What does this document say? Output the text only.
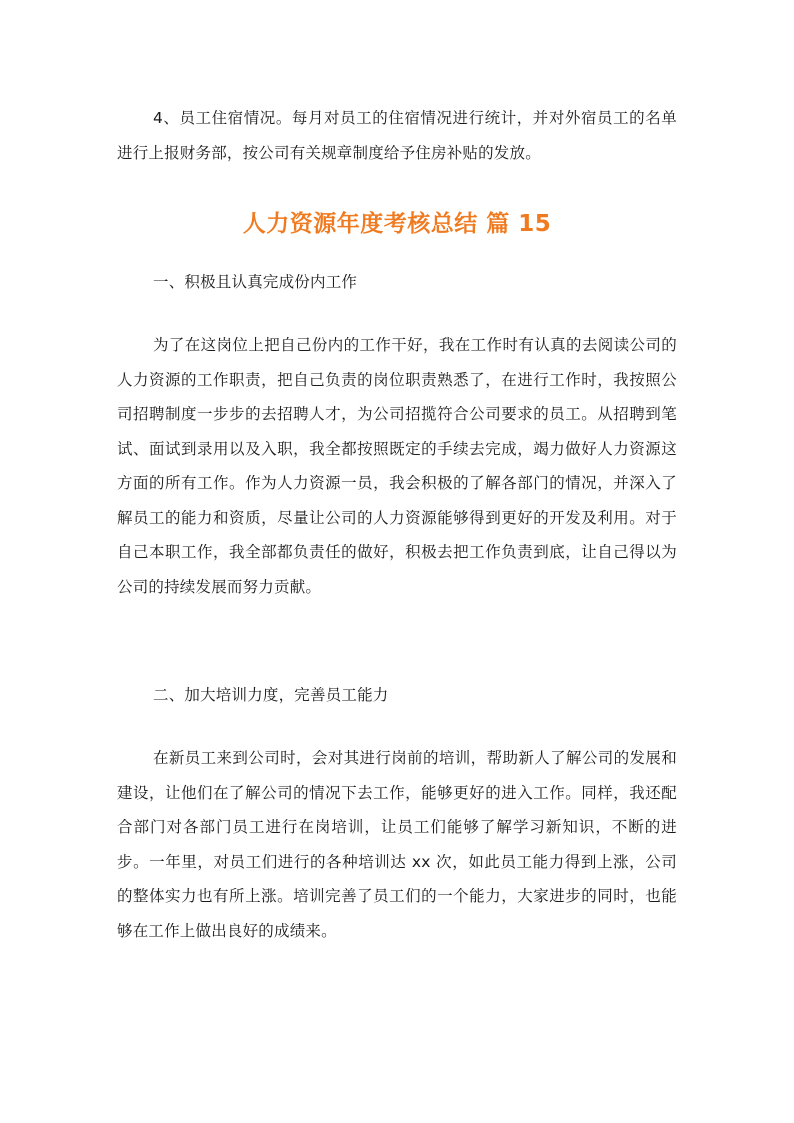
4、员工住宿情况。每月对员工的住宿情况进行统计，并对外宿员工的名单进行上报财务部，按公司有关规章制度给予住房补贴的发放。

人力资源年度考核总结 篇 15

一、积极且认真完成份内工作

为了在这岗位上把自己份内的工作干好，我在工作时有认真的去阅读公司的人力资源的工作职责，把自己负责的岗位职责熟悉了，在进行工作时，我按照公司招聘制度一步步的去招聘人才，为公司招揽符合公司要求的员工。从招聘到笔试、面试到录用以及入职，我全都按照既定的手续去完成，竭力做好人力资源这方面的所有工作。作为人力资源一员，我会积极的了解各部门的情况，并深入了解员工的能力和资质，尽量让公司的人力资源能够得到更好的开发及利用。对于自己本职工作，我全部都负责任的做好，积极去把工作负责到底，让自己得以为公司的持续发展而努力贡献。

二、加大培训力度，完善员工能力

在新员工来到公司时，会对其进行岗前的培训，帮助新人了解公司的发展和建设，让他们在了解公司的情况下去工作，能够更好的进入工作。同样，我还配合部门对各部门员工进行在岗培训，让员工们能够了解学习新知识，不断的进步。一年里，对员工们进行的各种培训达 xx 次，如此员工能力得到上涨，公司的整体实力也有所上涨。培训完善了员工们的一个能力，大家进步的同时，也能够在工作上做出良好的成绩来。
